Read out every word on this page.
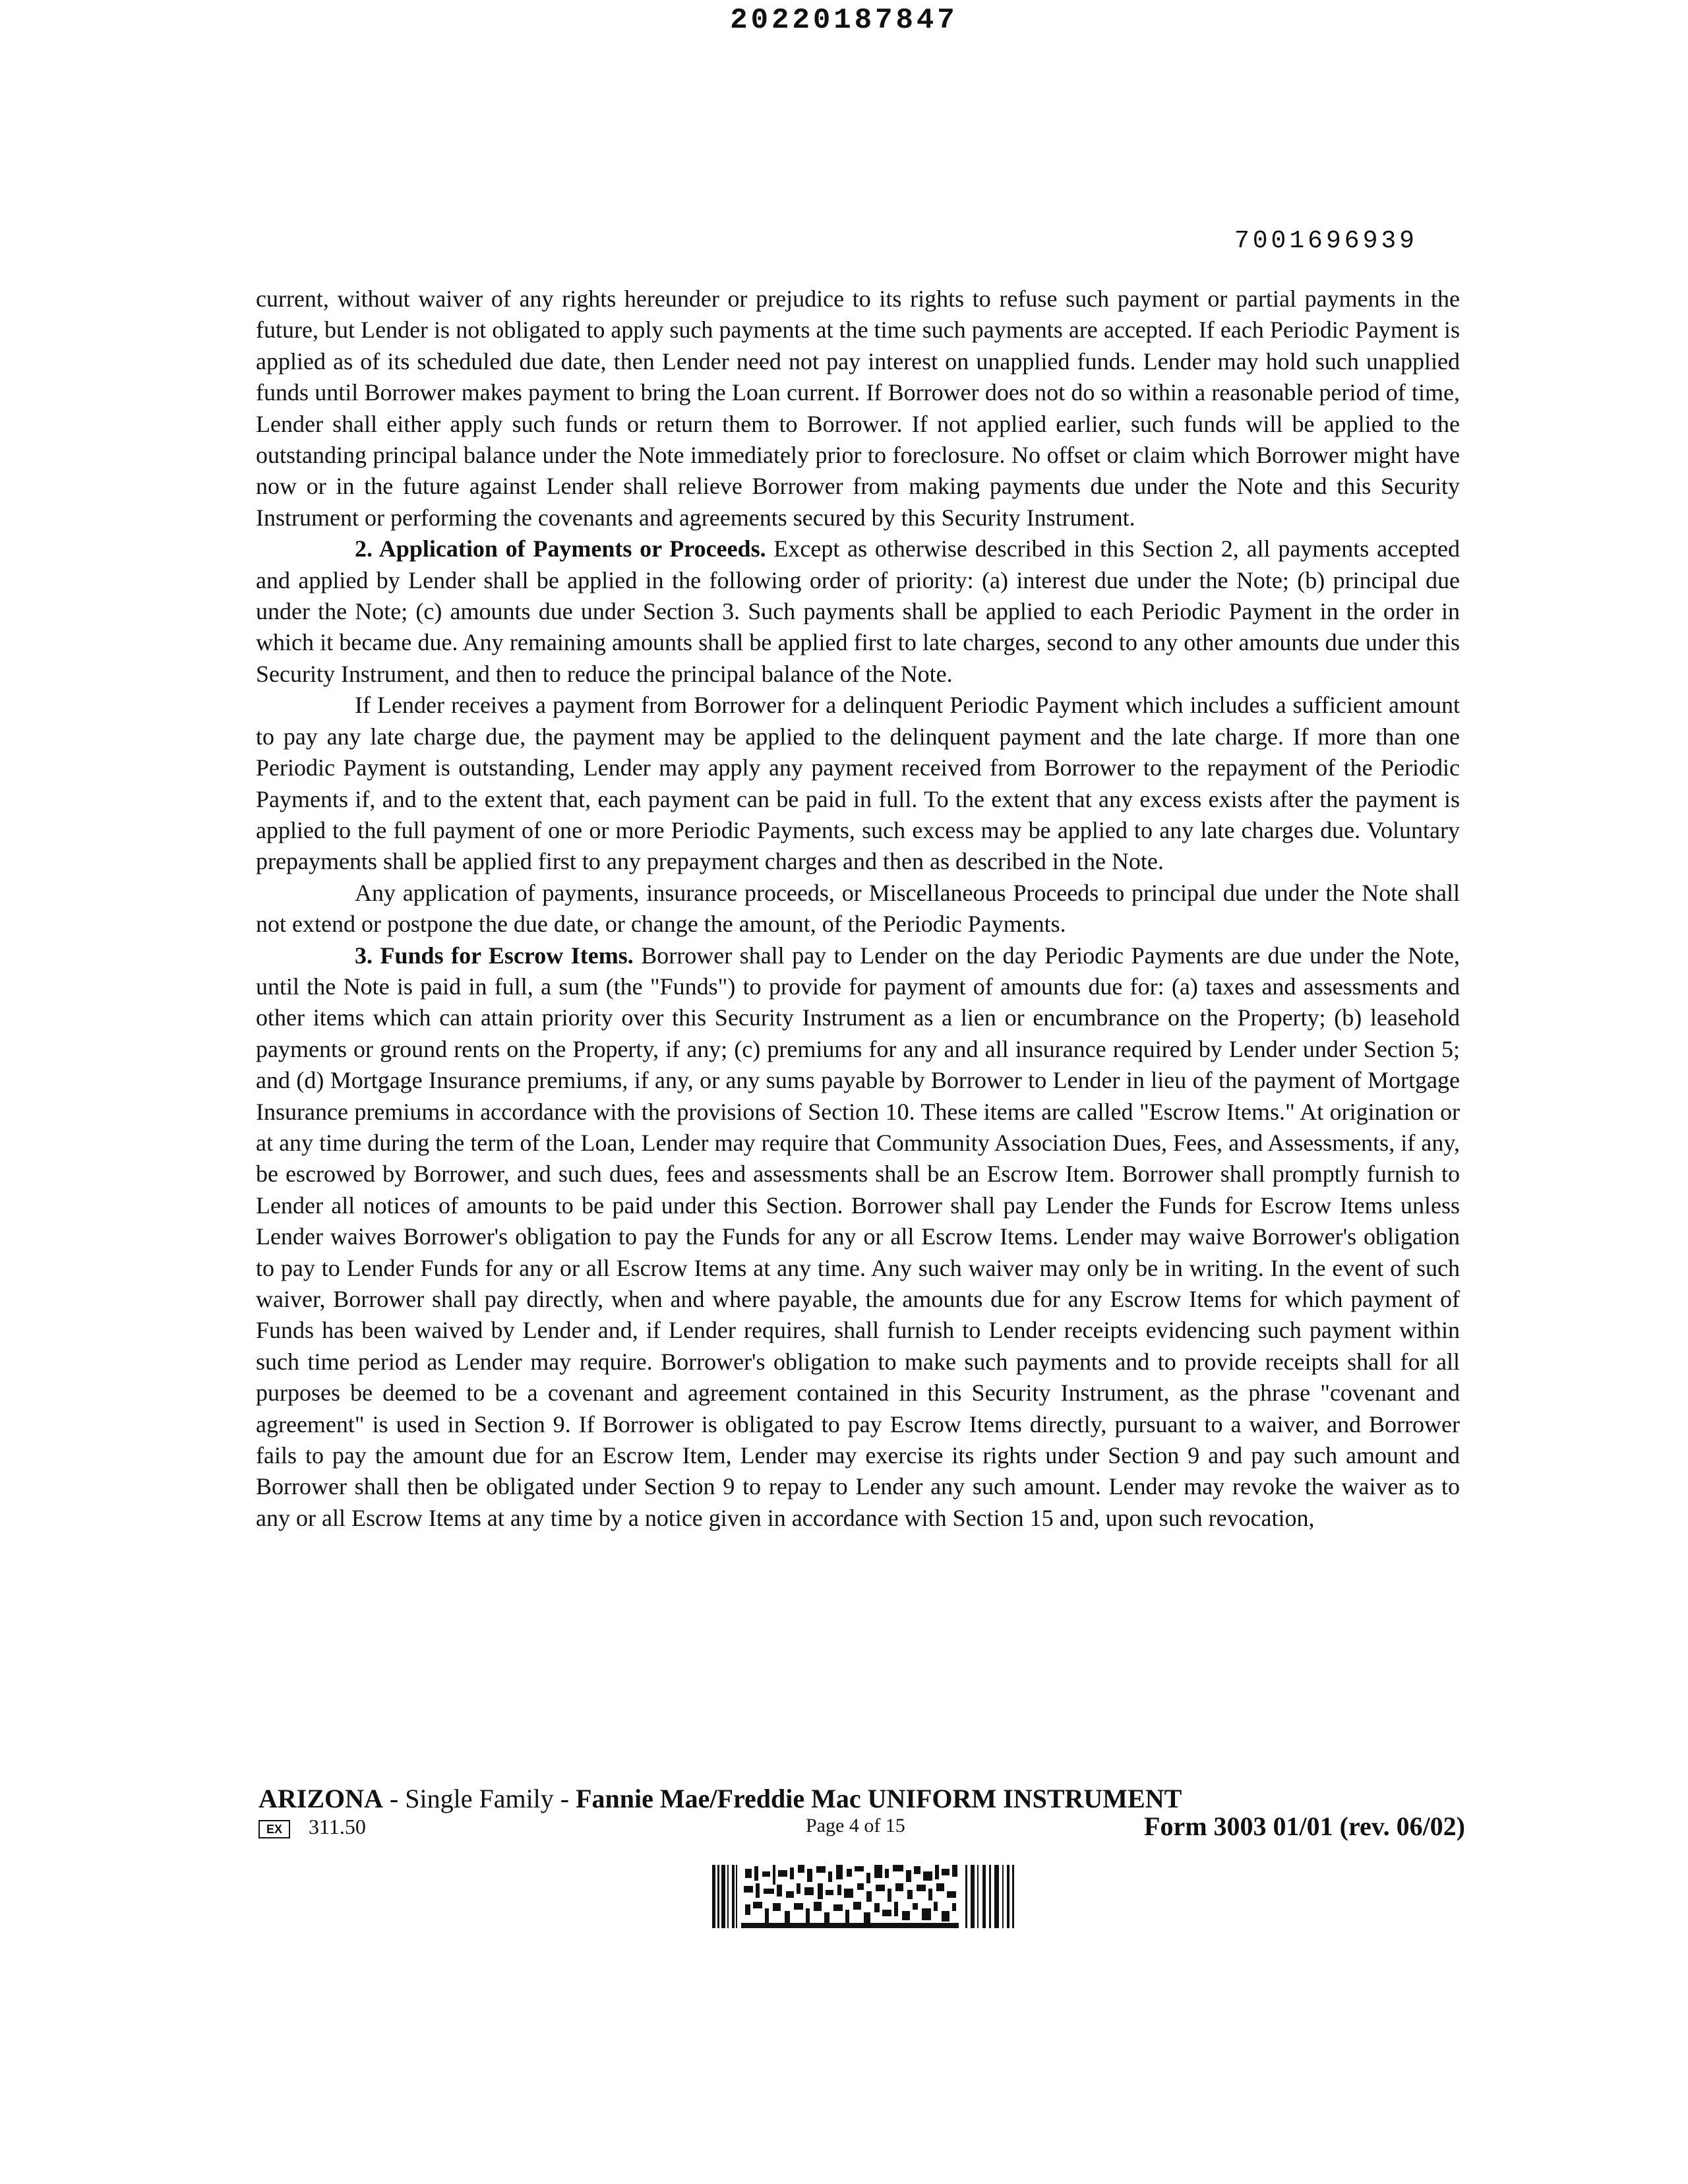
20220187847
7001696939

current, without waiver of any rights hereunder or prejudice to its rights to refuse such payment or partial payments in the future, but Lender is not obligated to apply such payments at the time such payments are accepted. If each Periodic Payment is applied as of its scheduled due date, then Lender need not pay interest on unapplied funds. Lender may hold such unapplied funds until Borrower makes payment to bring the Loan current. If Borrower does not do so within a reasonable period of time, Lender shall either apply such funds or return them to Borrower. If not applied earlier, such funds will be applied to the outstanding principal balance under the Note immediately prior to foreclosure. No offset or claim which Borrower might have now or in the future against Lender shall relieve Borrower from making payments due under the Note and this Security Instrument or performing the covenants and agreements secured by this Security Instrument.

2. Application of Payments or Proceeds. Except as otherwise described in this Section 2, all payments accepted and applied by Lender shall be applied in the following order of priority: (a) interest due under the Note; (b) principal due under the Note; (c) amounts due under Section 3. Such payments shall be applied to each Periodic Payment in the order in which it became due. Any remaining amounts shall be applied first to late charges, second to any other amounts due under this Security Instrument, and then to reduce the principal balance of the Note.

If Lender receives a payment from Borrower for a delinquent Periodic Payment which includes a sufficient amount to pay any late charge due, the payment may be applied to the delinquent payment and the late charge. If more than one Periodic Payment is outstanding, Lender may apply any payment received from Borrower to the repayment of the Periodic Payments if, and to the extent that, each payment can be paid in full. To the extent that any excess exists after the payment is applied to the full payment of one or more Periodic Payments, such excess may be applied to any late charges due. Voluntary prepayments shall be applied first to any prepayment charges and then as described in the Note.

Any application of payments, insurance proceeds, or Miscellaneous Proceeds to principal due under the Note shall not extend or postpone the due date, or change the amount, of the Periodic Payments.

3. Funds for Escrow Items. Borrower shall pay to Lender on the day Periodic Payments are due under the Note, until the Note is paid in full, a sum (the "Funds") to provide for payment of amounts due for: (a) taxes and assessments and other items which can attain priority over this Security Instrument as a lien or encumbrance on the Property; (b) leasehold payments or ground rents on the Property, if any; (c) premiums for any and all insurance required by Lender under Section 5; and (d) Mortgage Insurance premiums, if any, or any sums payable by Borrower to Lender in lieu of the payment of Mortgage Insurance premiums in accordance with the provisions of Section 10. These items are called "Escrow Items." At origination or at any time during the term of the Loan, Lender may require that Community Association Dues, Fees, and Assessments, if any, be escrowed by Borrower, and such dues, fees and assessments shall be an Escrow Item. Borrower shall promptly furnish to Lender all notices of amounts to be paid under this Section. Borrower shall pay Lender the Funds for Escrow Items unless Lender waives Borrower's obligation to pay the Funds for any or all Escrow Items. Lender may waive Borrower's obligation to pay to Lender Funds for any or all Escrow Items at any time. Any such waiver may only be in writing. In the event of such waiver, Borrower shall pay directly, when and where payable, the amounts due for any Escrow Items for which payment of Funds has been waived by Lender and, if Lender requires, shall furnish to Lender receipts evidencing such payment within such time period as Lender may require. Borrower's obligation to make such payments and to provide receipts shall for all purposes be deemed to be a covenant and agreement contained in this Security Instrument, as the phrase "covenant and agreement" is used in Section 9. If Borrower is obligated to pay Escrow Items directly, pursuant to a waiver, and Borrower fails to pay the amount due for an Escrow Item, Lender may exercise its rights under Section 9 and pay such amount and Borrower shall then be obligated under Section 9 to repay to Lender any such amount. Lender may revoke the waiver as to any or all Escrow Items at any time by a notice given in accordance with Section 15 and, upon such revocation,

ARIZONA - Single Family - Fannie Mae/Freddie Mac UNIFORM INSTRUMENT
EX	311.50	Page 4 of 15	Form 3003 01/01 (rev. 06/02)
